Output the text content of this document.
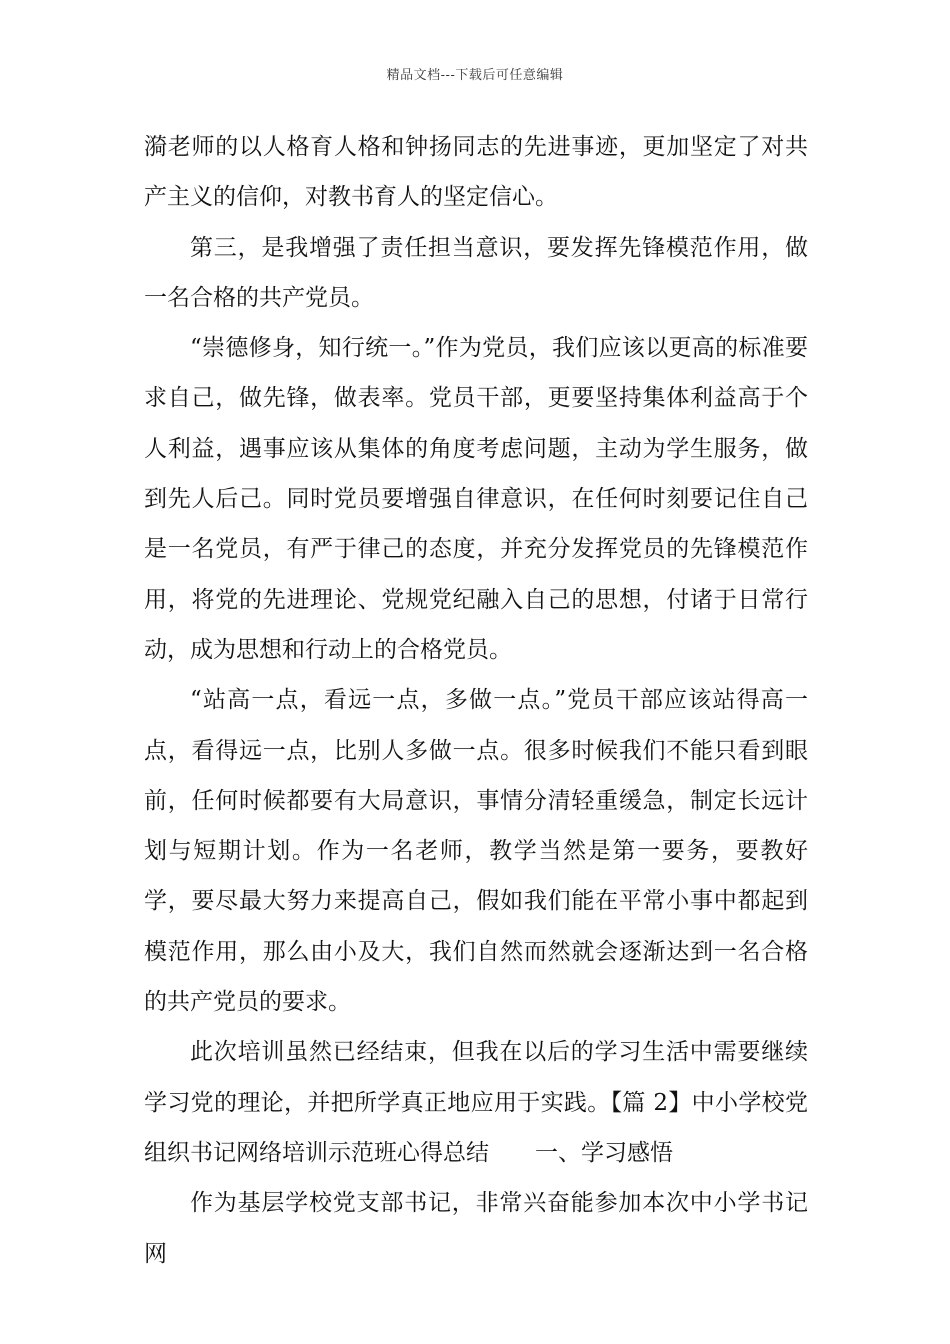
精品文档---下载后可任意编辑

漪老师的以人格育人格和钟扬同志的先进事迹，更加坚定了对共产主义的信仰，对教书育人的坚定信心。

第三，是我增强了责任担当意识，要发挥先锋模范作用，做一名合格的共产党员。

“崇德修身，知行统一。”作为党员，我们应该以更高的标准要求自己，做先锋，做表率。党员干部，更要坚持集体利益高于个人利益，遇事应该从集体的角度考虑问题，主动为学生服务，做到先人后己。同时党员要增强自律意识，在任何时刻要记住自己是一名党员，有严于律己的态度，并充分发挥党员的先锋模范作用，将党的先进理论、党规党纪融入自己的思想，付诸于日常行动，成为思想和行动上的合格党员。

“站高一点，看远一点，多做一点。”党员干部应该站得高一点，看得远一点，比别人多做一点。很多时候我们不能只看到眼前，任何时候都要有大局意识，事情分清轻重缓急，制定长远计划与短期计划。作为一名老师，教学当然是第一要务，要教好学，要尽最大努力来提高自己，假如我们能在平常小事中都起到模范作用，那么由小及大，我们自然而然就会逐渐达到一名合格的共产党员的要求。

此次培训虽然已经结束，但我在以后的学习生活中需要继续学习党的理论，并把所学真正地应用于实践。【篇 2】中小学校党组织书记网络培训示范班心得总结　　一、学习感悟

作为基层学校党支部书记，非常兴奋能参加本次中小学书记网
